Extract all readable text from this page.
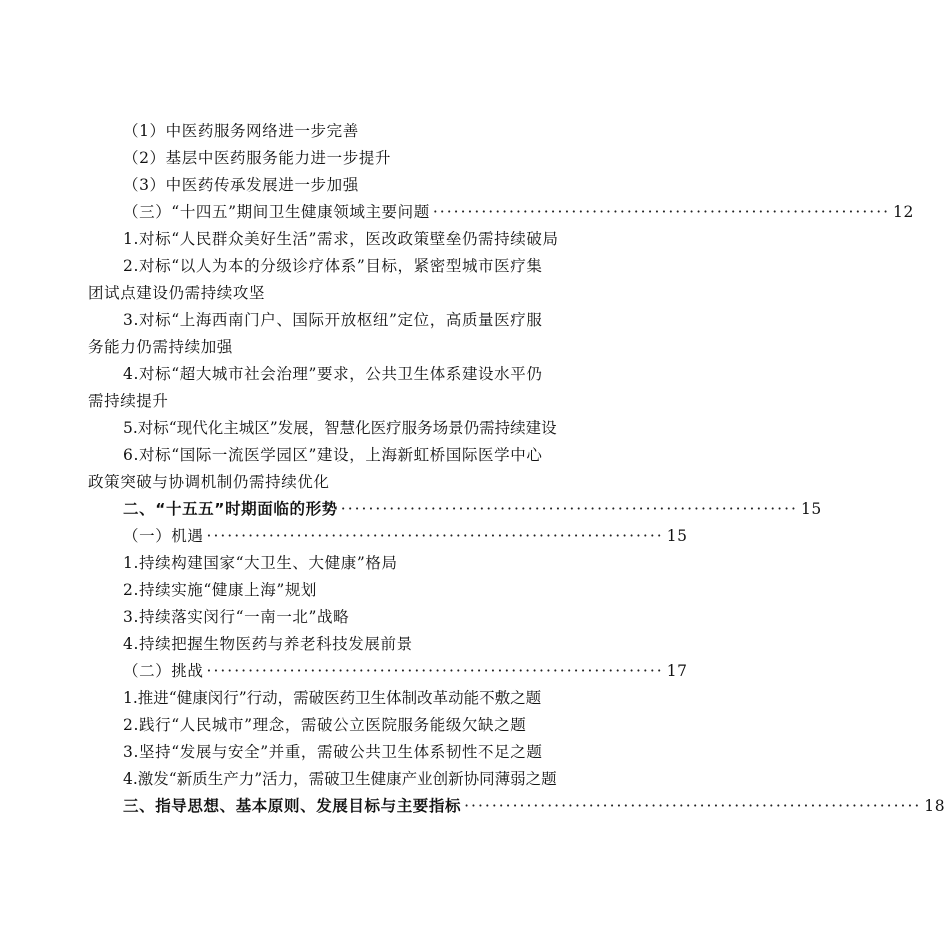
（1）中医药服务网络进一步完善
（2）基层中医药服务能力进一步提升
（3）中医药传承发展进一步加强
（三）“十四五”期间卫生健康领域主要问题 ·································································· 12
1.对标“人民群众美好生活”需求，医改政策壁垒仍需持续破局
2.对标“以人为本的分级诊疗体系”目标，紧密型城市医疗集
团试点建设仍需持续攻坚
3.对标“上海西南门户、国际开放枢纽”定位，高质量医疗服
务能力仍需持续加强
4.对标“超大城市社会治理”要求，公共卫生体系建设水平仍
需持续提升
5.对标“现代化主城区”发展，智慧化医疗服务场景仍需持续建设
6.对标“国际一流医学园区”建设，上海新虹桥国际医学中心
政策突破与协调机制仍需持续优化
二、“十五五”时期面临的形势 ·································································· 15
（一）机遇 ·································································· 15
1.持续构建国家“大卫生、大健康”格局
2.持续实施“健康上海”规划
3.持续落实闵行“一南一北”战略
4.持续把握生物医药与养老科技发展前景
（二）挑战 ·································································· 17
1.推进“健康闵行”行动，需破医药卫生体制改革动能不敷之题
2.践行“人民城市”理念，需破公立医院服务能级欠缺之题
3.坚持“发展与安全”并重，需破公共卫生体系韧性不足之题
4.激发“新质生产力”活力，需破卫生健康产业创新协同薄弱之题
三、指导思想、基本原则、发展目标与主要指标 ·································································· 18
